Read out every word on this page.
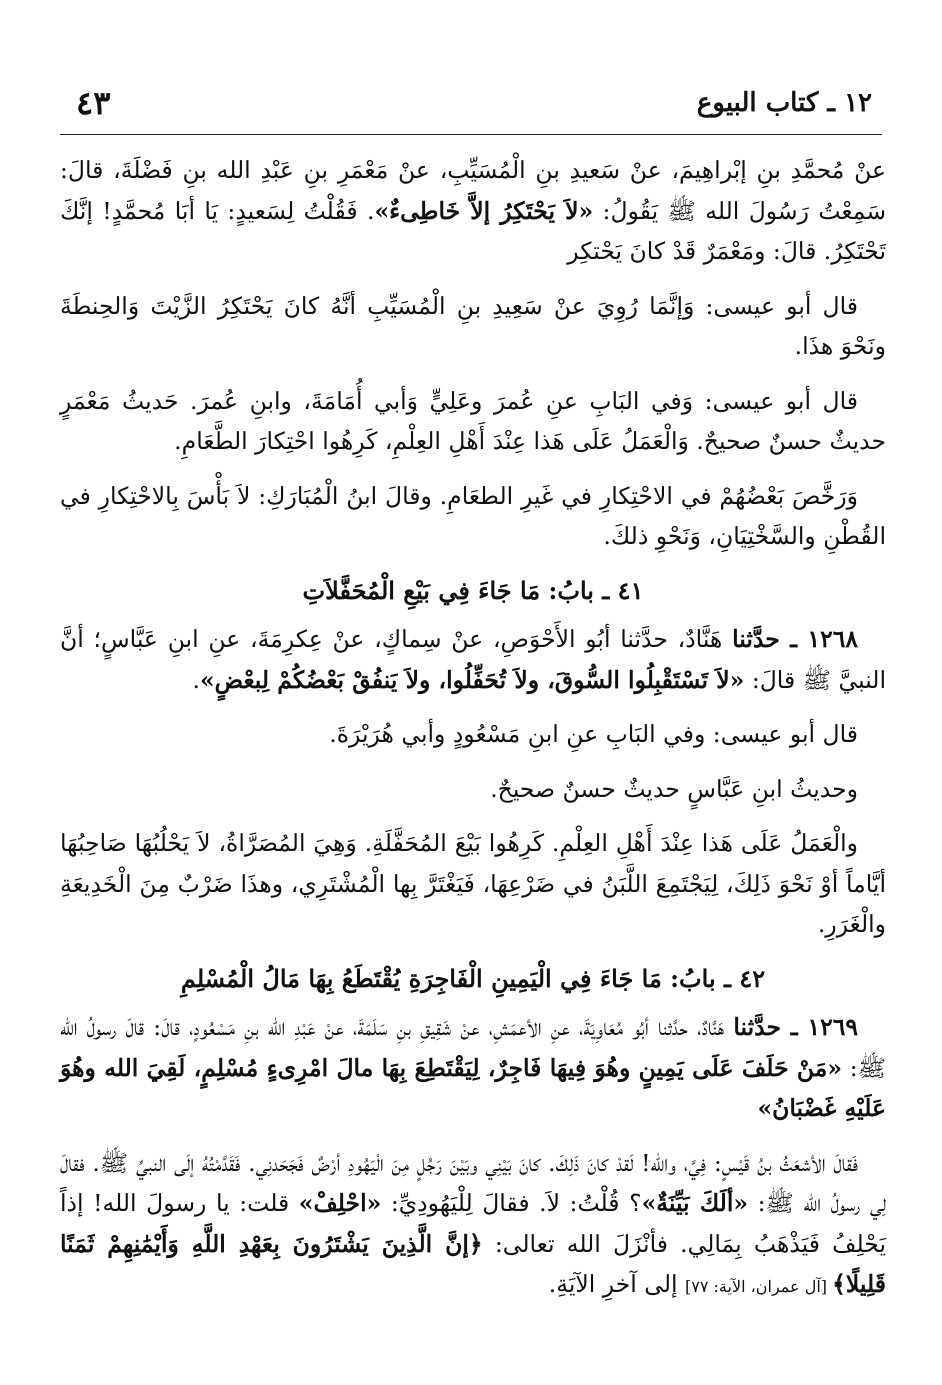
١٢ ـ كتاب البيوع
٤٣

عنْ مُحمَّدِ بنِ إبْراهِيمَ، عنْ سَعيدِ بنِ الْمُسَيِّبِ، عنْ مَعْمَرِ بنِ عَبْدِ الله بنِ فَضْلَةَ، قالَ: سَمِعْتُ رَسُولَ الله ﷺ يَقُولُ: «لاَ يَحْتَكِرُ إلاَّ خَاطِىءٌ». فَقُلْتُ لِسَعيدٍ: يَا أبَا مُحمَّدٍ! إنَّكَ تَحْتَكِرُ. قالَ: ومَعْمَرٌ قَدْ كانَ يَحْتكِر

قال أبو عيسى: وَإنَّمَا رُوِيَ عنْ سَعِيدِ بنِ الْمُسَيِّبِ أنَّهُ كانَ يَحْتَكِرُ الزَّيْتَ وَالحِنطَةَ ونَحْوَ هذَا.

قال أبو عيسى: وَفي البَابِ عنِ عُمرَ وعَلِيٍّ وَأبي أُمَامَةَ، وابنِ عُمرَ. حَديثُ مَعْمَرٍ حديثٌ حسنٌ صحيحٌ. وَالْعَمَلُ عَلَى هَذا عِنْدَ أَهْلِ العِلْمِ، كَرِهُوا احْتِكارَ الطَّعَامِ.

وَرَخَّصَ بَعْضُهُمْ في الاحْتِكارِ في غَيرِ الطعَامِ. وقالَ ابنُ الْمُبَارَكِ: لاَ بَأْسَ بِالاحْتِكارِ في القُطْنِ والسَّخْتِيَانِ، وَنَحْوِ ذلكَ.

٤١ ـ بابُ: مَا جَاءَ فِي بَيْعِ الْمُحَفَّلاَتِ

١٢٦٨ ـ حدَّثنا هَنَّادٌ، حدَّثنا أبُو الأَحْوَصِ، عنْ سِماكٍ، عنْ عِكرِمَةَ، عنِ ابنِ عَبَّاسٍ؛ أنَّ النبيَّ ﷺ قالَ: «لاَ تَسْتَقْبِلُوا السُّوقَ، ولاَ تُحَفِّلُوا، ولاَ يَنفُقْ بَعْضُكُمْ لِبعْضٍ».

قال أبو عيسى: وفي البَابِ عنِ ابنِ مَسْعُودٍ وأبي هُرَيْرَةَ.

وحديثُ ابنِ عَبَّاسٍ حديثٌ حسنٌ صحيحٌ.

والْعَمَلُ عَلَى هَذا عِنْدَ أَهْلِ العِلْمِ. كَرِهُوا بَيْعَ المُحَفَّلَةِ. وَهِيَ المُصَرَّاةُ، لاَ يَحْلُبُهَا صَاحِبُهَا أيَّاماً أوْ نَحْوَ ذَلِكَ، لِيَجْتَمِعَ اللَّبَنُ في ضَرْعِهَا، فَيَغْتَرَّ بِها الْمُشْتَرِي، وهذَا ضَرْبٌ مِنَ الْخَدِيعَةِ والْغَرَرِ.

٤٢ ـ بابُ: مَا جَاءَ فِي الْيَمِينِ الْفَاجِرَةِ يُقْتَطَعُ بِهَا مَالُ الْمُسْلِمِ

١٢٦٩ ـ حدَّثنا هَنَّادٌ، حدَّثنا أبُو مُعَاوِيَةَ، عنِ الأعمَشِ، عنْ شَقِيقِ بنِ سَلَمَةَ، عنْ عَبْدِ الله بنِ مَسْعُودٍ، قالَ: قالَ رسولُ الله ﷺ: «مَنْ حَلَفَ عَلَى يَمِينٍ وهُوَ فِيهَا فَاجِرٌ، لِيَقْتَطِعَ بِهَا مالَ امْرِىءٍ مُسْلِمٍ، لَقِيَ الله وهُوَ عَلَيْهِ غَضْبَانُ»

فَقالَ الأشعَثُ بنُ قَيْسٍ: فِيَّ، والله! لَقدْ كانَ ذَلِكَ. كانَ بَيْنِي وبَيْنَ رَجُلٍ مِنَ الْيَهُودِ أرْضٌ فَجَحَدنِي. فَقَدَّمْتُهُ إلَى النبيِّ ﷺ. فقالَ لِي رسولُ الله ﷺ: «ألَكَ بَيِّنَةٌ»؟ قُلْتُ: لاَ. فقالَ لِلْيَهُودِيِّ: «احْلِفْ» قلت: يا رسولَ الله! إذاً يَحْلِفُ فَيَذْهَبُ بِمَالِي. فأنْزَلَ الله تعالى: ﴿إنَّ الَّذِينَ يَشْتَرُونَ بِعَهْدِ اللَّهِ وَأَيْمَٰنِهِمْ ثَمَنًا قَلِيلًا﴾ [آل عمران، الآية: ٧٧] إلى آخرِ الآيَةِ.
